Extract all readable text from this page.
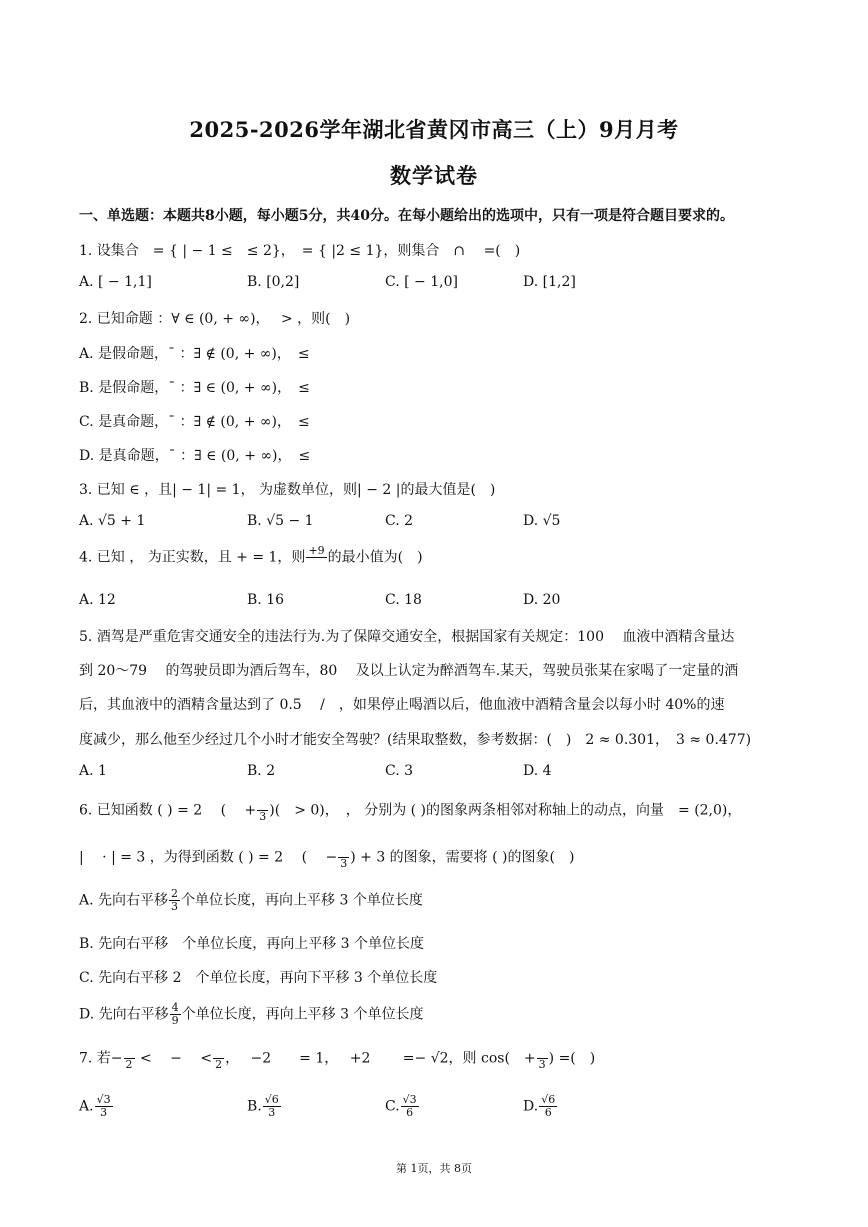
2025-2026学年湖北省黄冈市高三（上）9月月考
数学试卷
一、单选题：本题共8小题，每小题5分，共40分。在每小题给出的选项中，只有一项是符合题目要求的。
1. 设集合　= { | − 1 ≤　≤ 2}，　= { |2 ≤ 1}，则集合　∩　 =(　)
A. [ − 1,1]	B. [0,2]	C. [ − 1,0]	D. [1,2]
2. 已知命题 ：∀ ∈ (0, + ∞)，　 > ，则(　)
A. 是假命题，¯ ：∃ ∉ (0, + ∞)，　≤
B. 是假命题，¯ ：∃ ∈ (0, + ∞)，　≤
C. 是真命题，¯ ：∃ ∉ (0, + ∞)，　≤
D. 是真命题，¯ ：∃ ∈ (0, + ∞)，　≤
3. 已知 ∈ ，且| − 1| = 1， 为虚数单位，则| − 2 |的最大值是(　)
A. √5 + 1	B. √5 − 1	C. 2	D. √5
4. 已知 ， 为正实数，且 + = 1，则 +9
的最小值为(　)
A. 12	B. 16	C. 18	D. 20
5. 酒驾是严重危害交通安全的违法行为.为了保障交通安全，根据国家有关规定：100　 血液中酒精含量达
到 20～79　 的驾驶员即为酒后驾车，80　 及以上认定为醉酒驾车.某天，驾驶员张某在家喝了一定量的酒
后，其血液中的酒精含量达到了 0.5　 /　，如果停止喝酒以后，他血液中酒精含量会以每小时 40%的速
度减少，那么他至少经过几个小时才能安全驾驶？(结果取整数，参考数据：(　)　2 ≈ 0.301，　3 ≈ 0.477)
A. 1	B. 2	C. 3	D. 4
6. 已知函数 ( ) = 2　 (　 +
3 )(　> 0)，　， 分别为 ( )的图象两条相邻对称轴上的动点，向量　= (2,0)，
|　 · | = 3 ，为得到函数 ( ) = 2　 (　 −
3 ) + 3 的图象，需要将 ( )的图象(　)
A. 先向右平移 $\frac{2}{3}$ 个单位长度，再向上平移 3 个单位长度
B. 先向右平移　个单位长度，再向上平移 3 个单位长度
C. 先向右平移 2　个单位长度，再向下平移 3 个单位长度
D. 先向右平移 $\frac{4}{9}$ 个单位长度，再向上平移 3 个单位长度
7. 若−
2 <　 −　 <
2 ，　 −2　　= 1，　 +2　　 =− √2，则 cos(　+
3 ) =(　)
A. $\frac{√3}{3}$	B. $\frac{√6}{3}$	C. $\frac{√3}{6}$	D. $\frac{√6}{6}$
第 1页，共 8页
